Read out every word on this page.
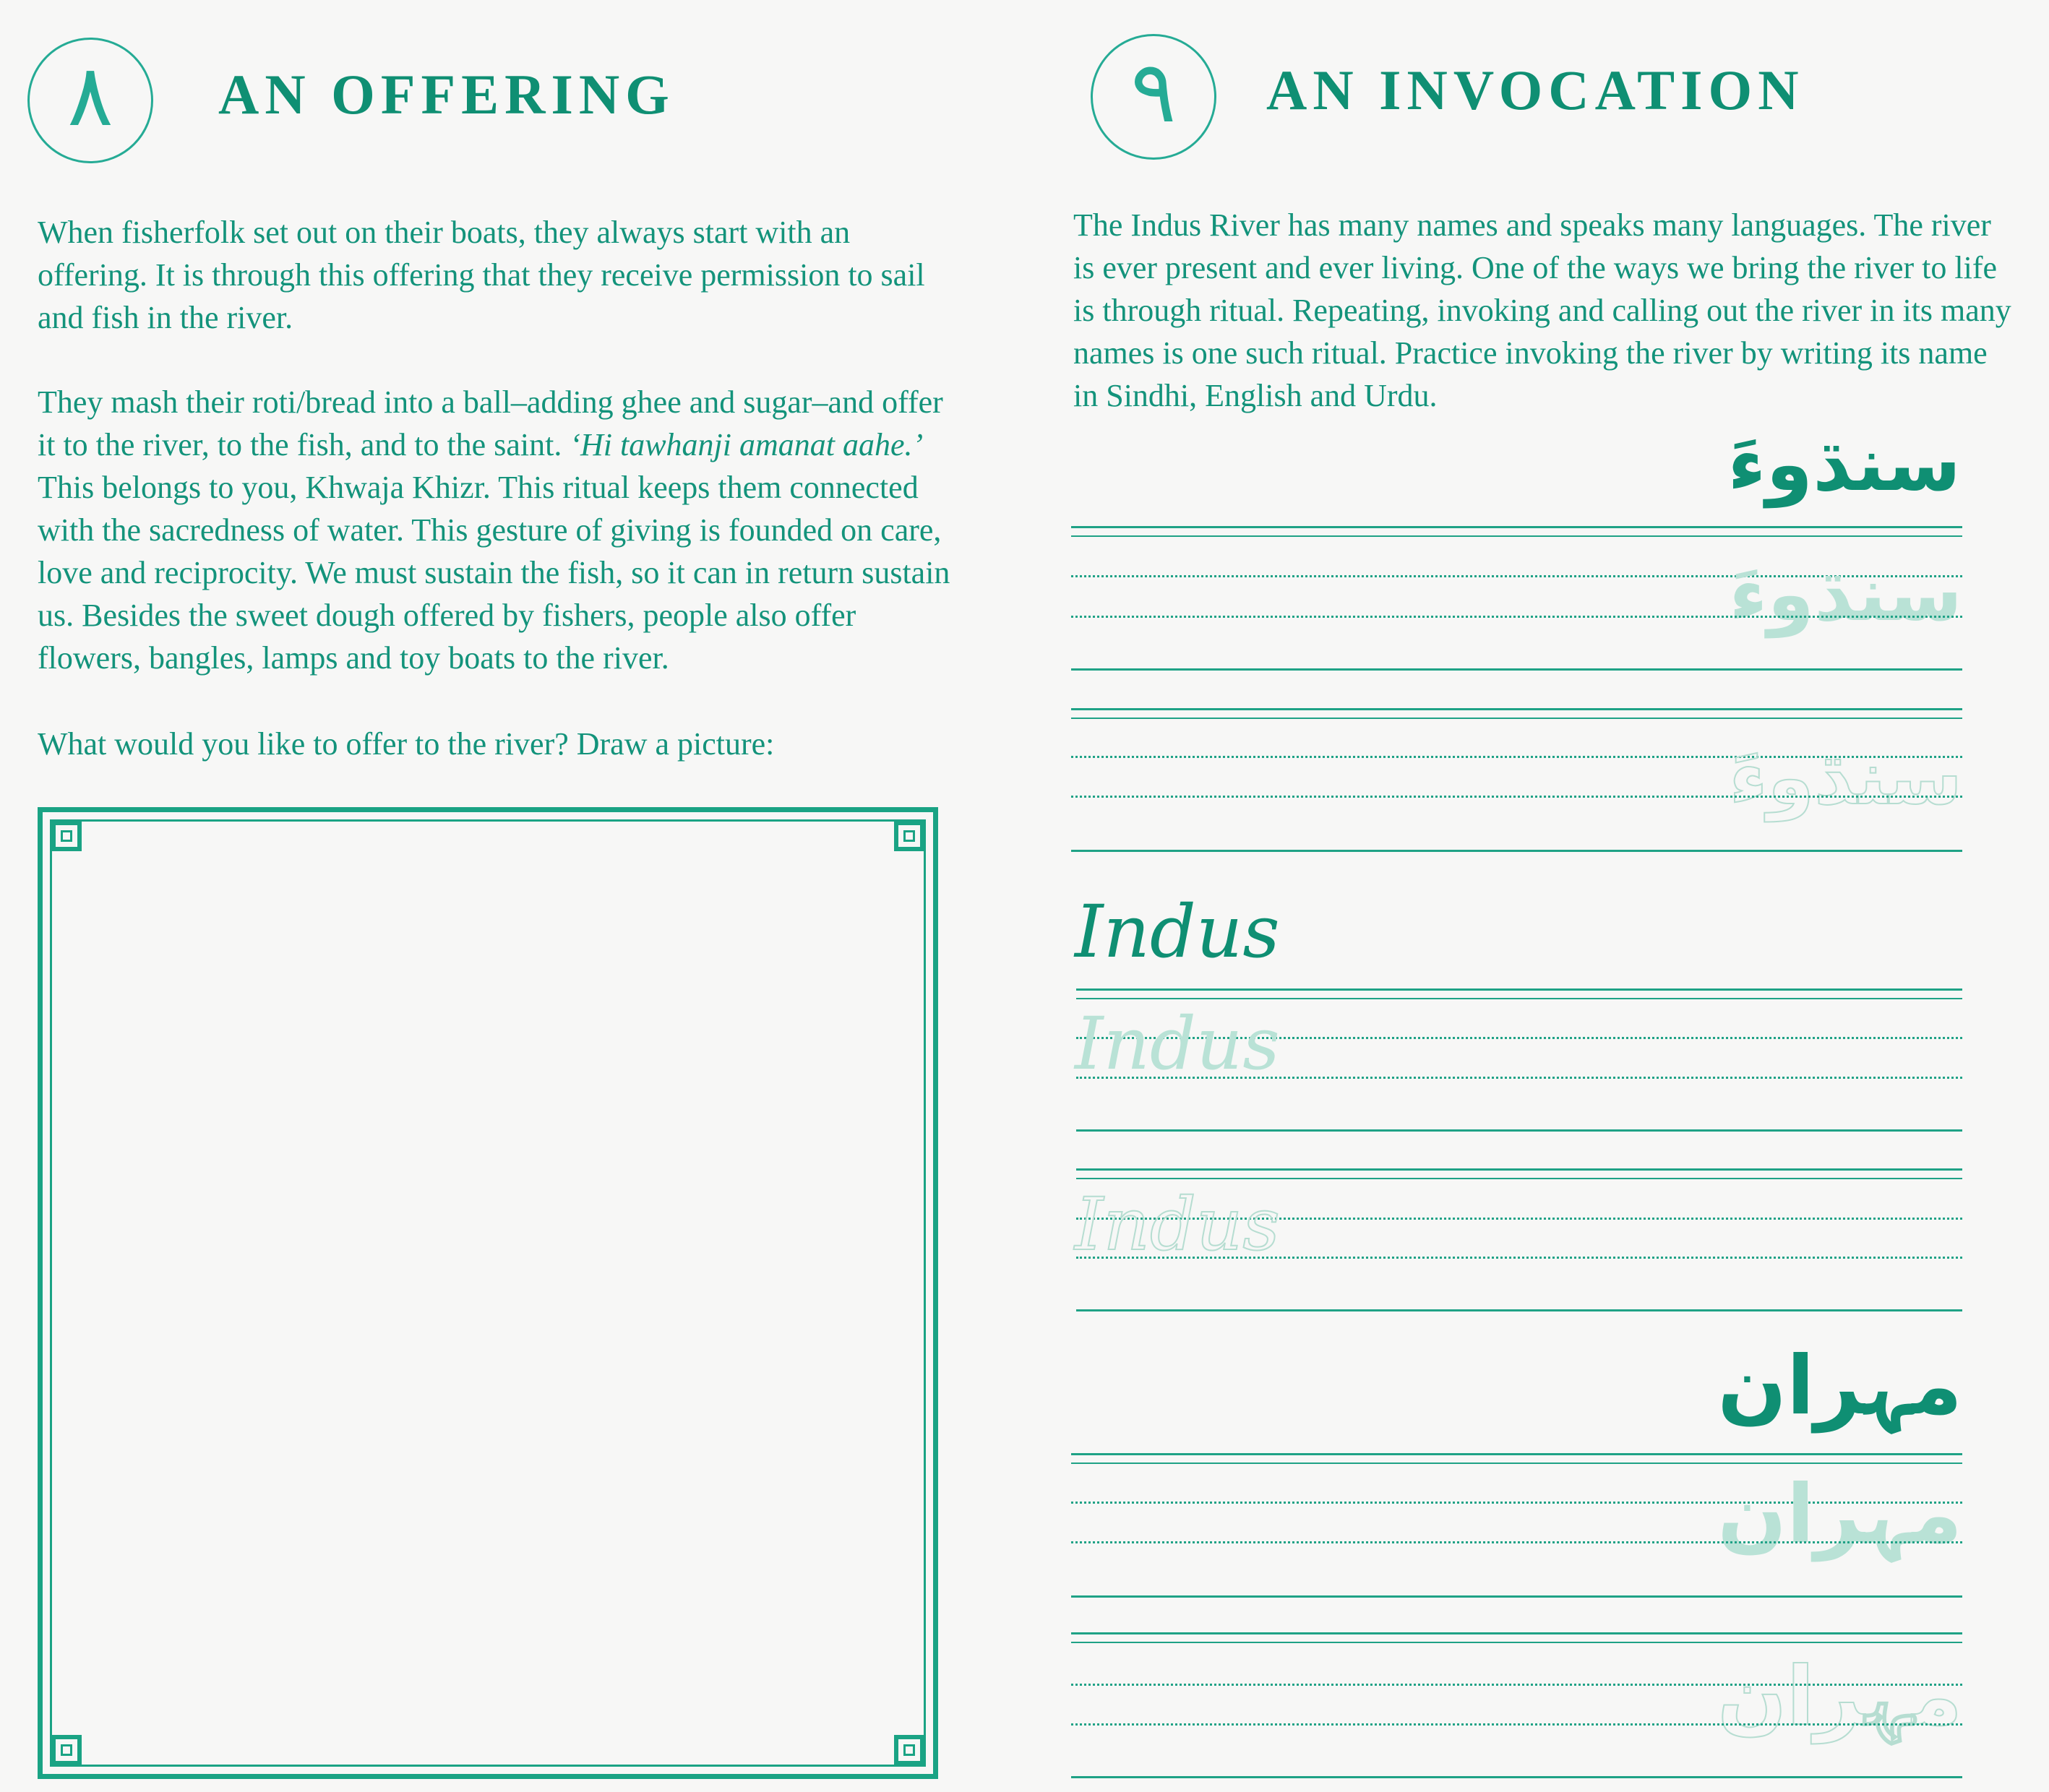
٨	AN OFFERING

When fisherfolk set out on their boats, they always start with an offering. It is through this offering that they receive permission to sail and fish in the river.

They mash their roti/bread into a ball–adding ghee and sugar–and offer it to the river, to the fish, and to the saint. ‘Hi tawhanji amanat aahe.’ This belongs to you, Khwaja Khizr. This ritual keeps them connected with the sacredness of water. This gesture of giving is founded on care, love and reciprocity. We must sustain the fish, so it can in return sustain us. Besides the sweet dough offered by fishers, people also offer flowers, bangles, lamps and toy boats to the river.

What would you like to offer to the river? Draw a picture:

٩	AN INVOCATION

The Indus River has many names and speaks many languages. The river is ever present and ever living. One of the ways we bring the river to life is through ritual. Repeating, invoking and calling out the river in its many names is one such ritual. Practice invoking the river by writing its name in Sindhi, English and Urdu.

سنڌوءَ
سنڌوءَ
سنڌوءَ
Indus
Indus
Indus
مہران
مہران
مہران
